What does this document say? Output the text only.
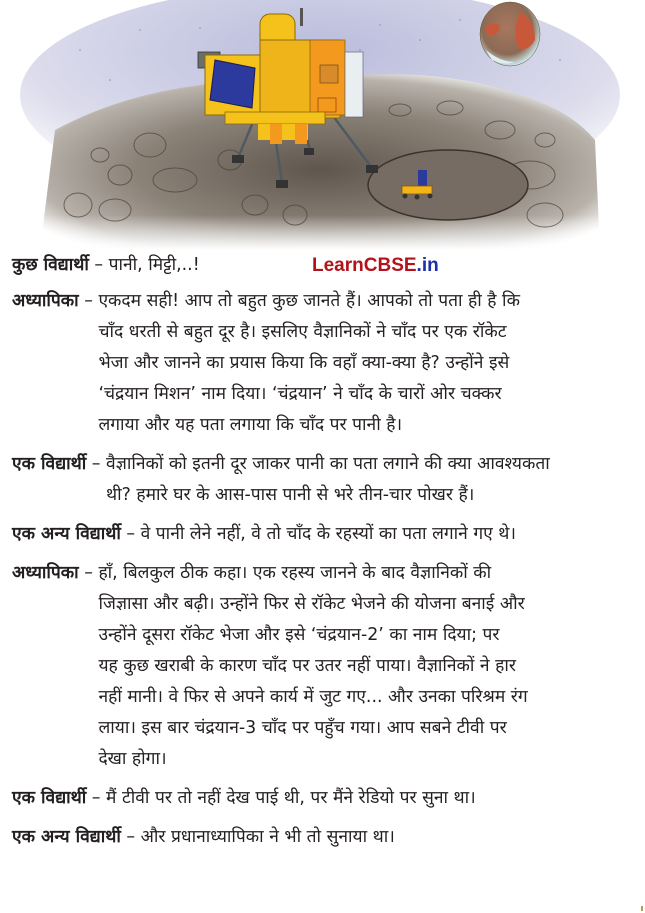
LearnCBSE.in
कुछ विद्यार्थी – पानी, मिट्टी,..!
अध्यापिका – एकदम सही! आप तो बहुत कुछ जानते हैं। आपको तो पता ही है कि
चाँद धरती से बहुत दूर है। इसलिए वैज्ञानिकों ने चाँद पर एक रॉकेट
भेजा और जानने का प्रयास किया कि वहाँ क्या-क्या है? उन्होंने इसे
‘चंद्रयान मिशन’ नाम दिया। ‘चंद्रयान’ ने चाँद के चारों ओर चक्कर
लगाया और यह पता लगाया कि चाँद पर पानी है।
एक विद्यार्थी – वैज्ञानिकों को इतनी दूर जाकर पानी का पता लगाने की क्या आवश्यकता
थी? हमारे घर के आस-पास पानी से भरे तीन-चार पोखर हैं।
एक अन्य विद्यार्थी – वे पानी लेने नहीं, वे तो चाँद के रहस्यों का पता लगाने गए थे।
अध्यापिका – हाँ, बिलकुल ठीक कहा। एक रहस्य जानने के बाद वैज्ञानिकों की
जिज्ञासा और बढ़ी। उन्होंने फिर से रॉकेट भेजने की योजना बनाई और
उन्होंने दूसरा रॉकेट भेजा और इसे ‘चंद्रयान-2’ का नाम दिया; पर
यह कुछ खराबी के कारण चाँद पर उतर नहीं पाया। वैज्ञानिकों ने हार
नहीं मानी। वे फिर से अपने कार्य में जुट गए... और उनका परिश्रम रंग
लाया। इस बार चंद्रयान-3 चाँद पर पहुँच गया। आप सबने टीवी पर
देखा होगा।
एक विद्यार्थी – मैं टीवी पर तो नहीं देख पाई थी, पर मैंने रेडियो पर सुना था।
एक अन्य विद्यार्थी – और प्रधानाध्यापिका ने भी तो सुनाया था।
